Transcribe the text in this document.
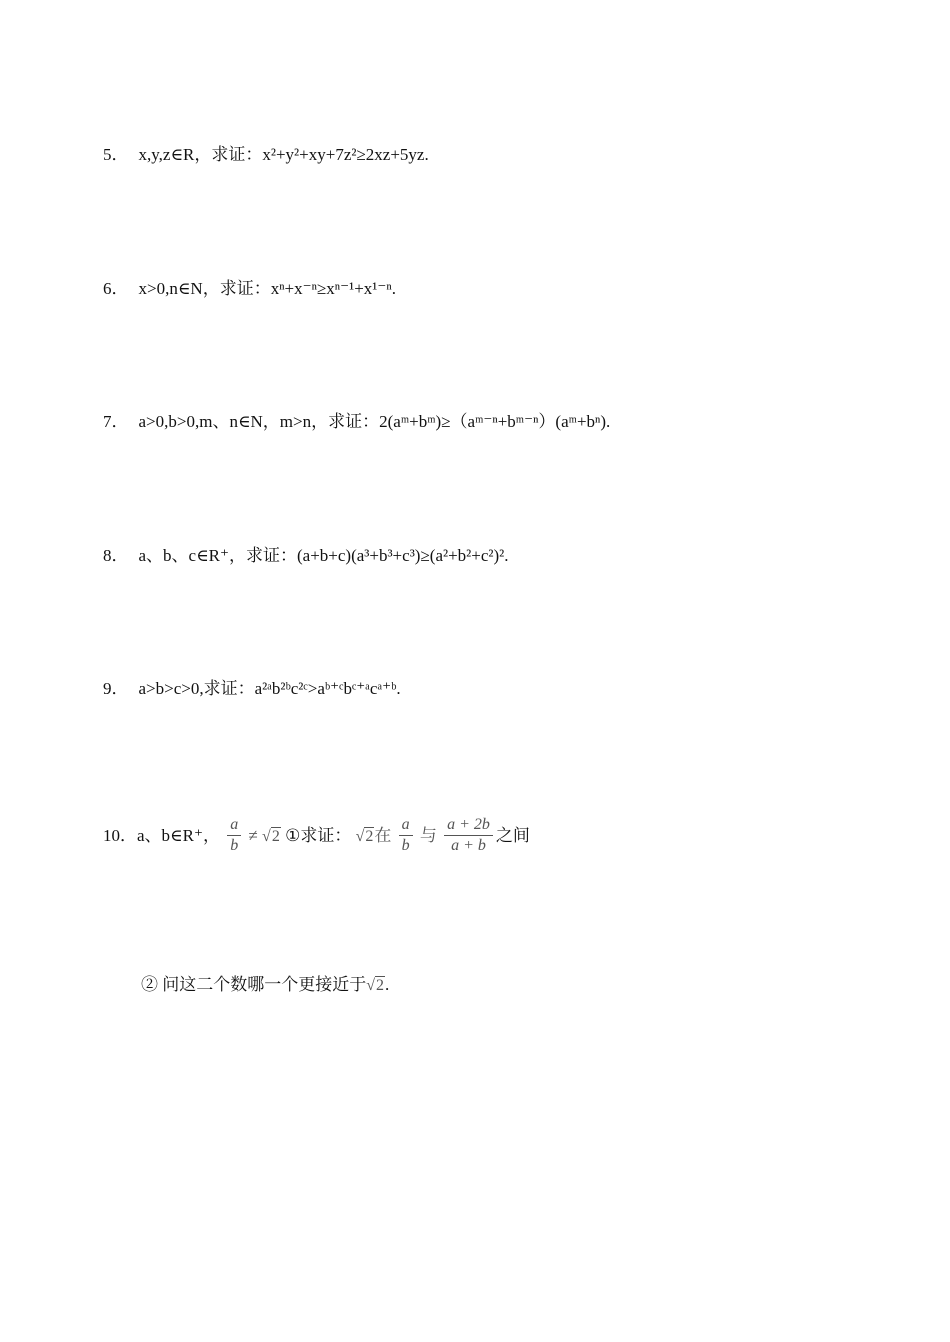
5． x,y,z∈R，求证：x²+y²+xy+7z²≥2xz+5yz.
6． x>0,n∈N，求证：xⁿ+x⁻ⁿ≥xⁿ⁻¹+x¹⁻ⁿ.
7． a>0,b>0,m、n∈N，m>n，求证：2(aᵐ+bᵐ)≥（aᵐ⁻ⁿ+bᵐ⁻ⁿ）(aᵐ+bⁿ).
8． a、b、c∈R⁺，求证：(a+b+c)(a³+b³+c³)≥(a²+b²+c²)².
9． a>b>c>0,求证：a²ᵃb²ᵇc²ᶜ>aᵇ⁺ᶜbᶜ⁺ᵃcᵃ⁺ᵇ.
10．a、b∈R⁺， $\frac{a}{b} \ne √2$ ①求证： √2在 $\frac{a}{b}$ 与 $\frac{a + 2b}{a + b}$ 之间
② 问这二个数哪一个更接近于√2.
